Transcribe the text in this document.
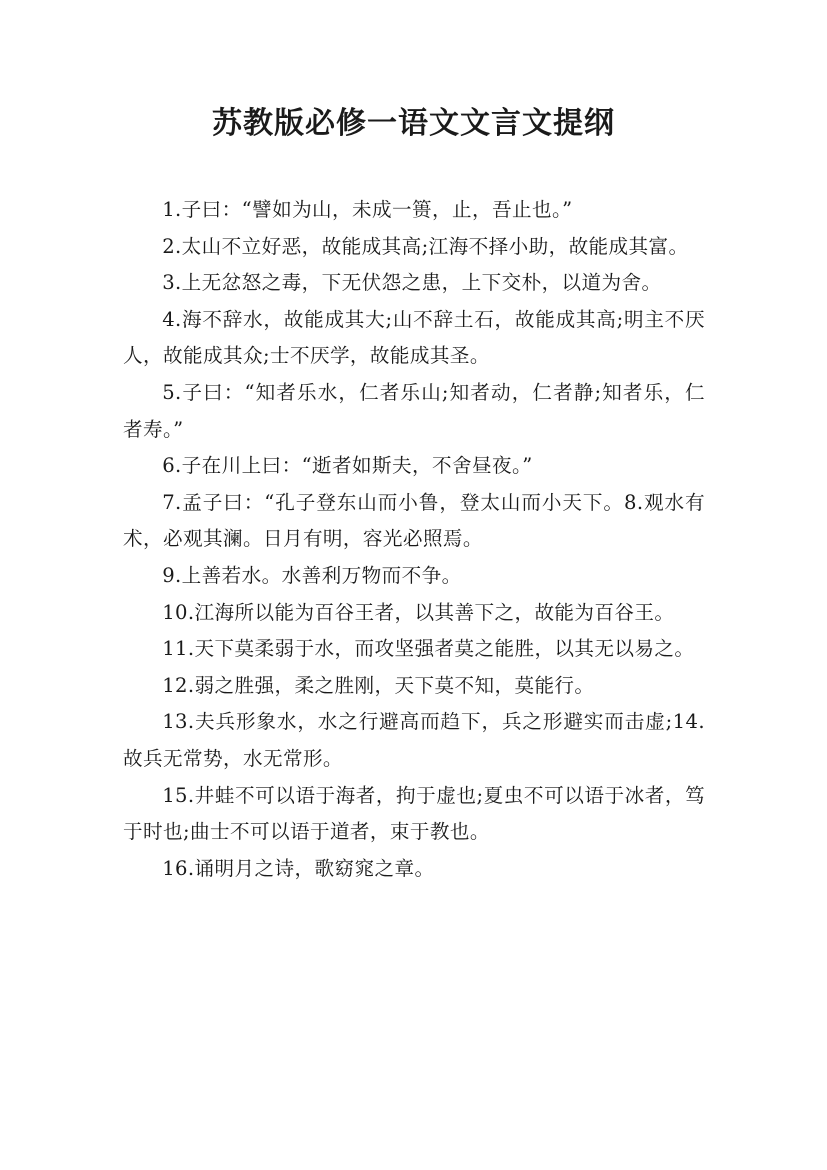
苏教版必修一语文文言文提纲

1.子曰：“譬如为山，未成一篑，止，吾止也。”

2.太山不立好恶，故能成其高;江海不择小助，故能成其富。

3.上无忿怒之毒，下无伏怨之患，上下交朴，以道为舍。

4.海不辞水，故能成其大;山不辞土石，故能成其高;明主不厌人，故能成其众;士不厌学，故能成其圣。

5.子曰：“知者乐水，仁者乐山;知者动，仁者静;知者乐，仁者寿。”

6.子在川上曰：“逝者如斯夫，不舍昼夜。”

7.孟子曰：“孔子登东山而小鲁，登太山而小天下。8.观水有术，必观其澜。日月有明，容光必照焉。

9.上善若水。水善利万物而不争。

10.江海所以能为百谷王者，以其善下之，故能为百谷王。

11.天下莫柔弱于水，而攻坚强者莫之能胜，以其无以易之。

12.弱之胜强，柔之胜刚，天下莫不知，莫能行。

13.夫兵形象水，水之行避高而趋下，兵之形避实而击虚;14.故兵无常势，水无常形。

15.井蛙不可以语于海者，拘于虚也;夏虫不可以语于冰者，笃于时也;曲士不可以语于道者，束于教也。

16.诵明月之诗，歌窈窕之章。
